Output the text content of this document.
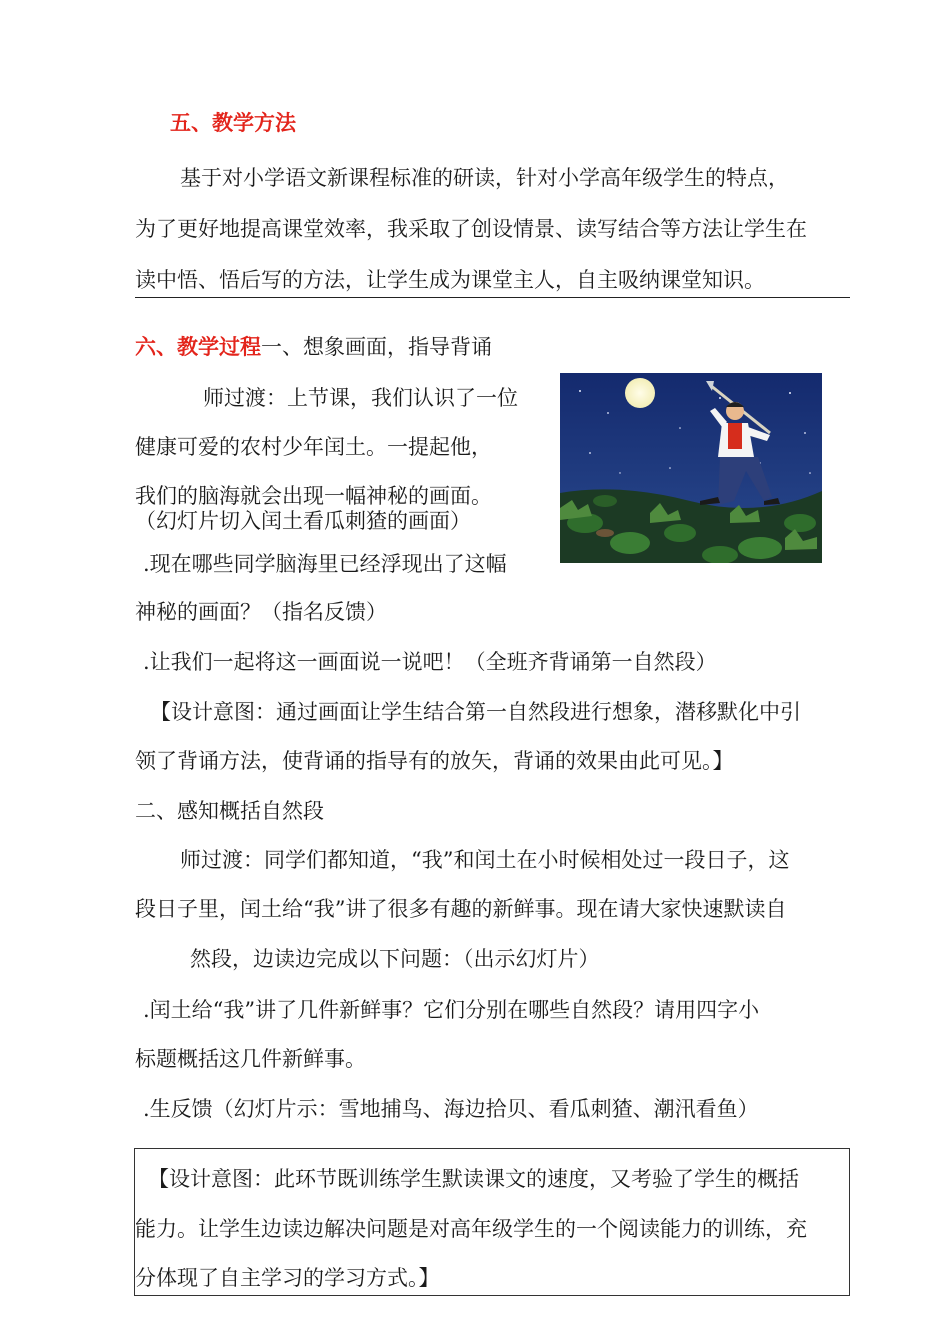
五、教学方法
基于对小学语文新课程标准的研读，针对小学高年级学生的特点，
为了更好地提高课堂效率，我采取了创设情景、读写结合等方法让学生在
读中悟、悟后写的方法，让学生成为课堂主人，自主吸纳课堂知识。
六、教学过程一、想象画面，指导背诵
师过渡：上节课，我们认识了一位
健康可爱的农村少年闰土。一提起他，
我们的脑海就会出现一幅神秘的画面。
（幻灯片切入闰土看瓜刺猹的画面）
.现在哪些同学脑海里已经浮现出了这幅
神秘的画面？（指名反馈）
.让我们一起将这一画面说一说吧！（全班齐背诵第一自然段）
【设计意图：通过画面让学生结合第一自然段进行想象，潜移默化中引
领了背诵方法，使背诵的指导有的放矢，背诵的效果由此可见。】
二、感知概括自然段
师过渡：同学们都知道，“我”和闰土在小时候相处过一段日子，这
段日子里，闰土给“我”讲了很多有趣的新鲜事。现在请大家快速默读自
然段，边读边完成以下问题：（出示幻灯片）
.闰土给“我”讲了几件新鲜事？它们分别在哪些自然段？请用四字小
标题概括这几件新鲜事。
.生反馈（幻灯片示：雪地捕鸟、海边拾贝、看瓜刺猹、潮汛看鱼）
【设计意图：此环节既训练学生默读课文的速度，又考验了学生的概括
能力。让学生边读边解决问题是对高年级学生的一个阅读能力的训练，充
分体现了自主学习的学习方式。】
